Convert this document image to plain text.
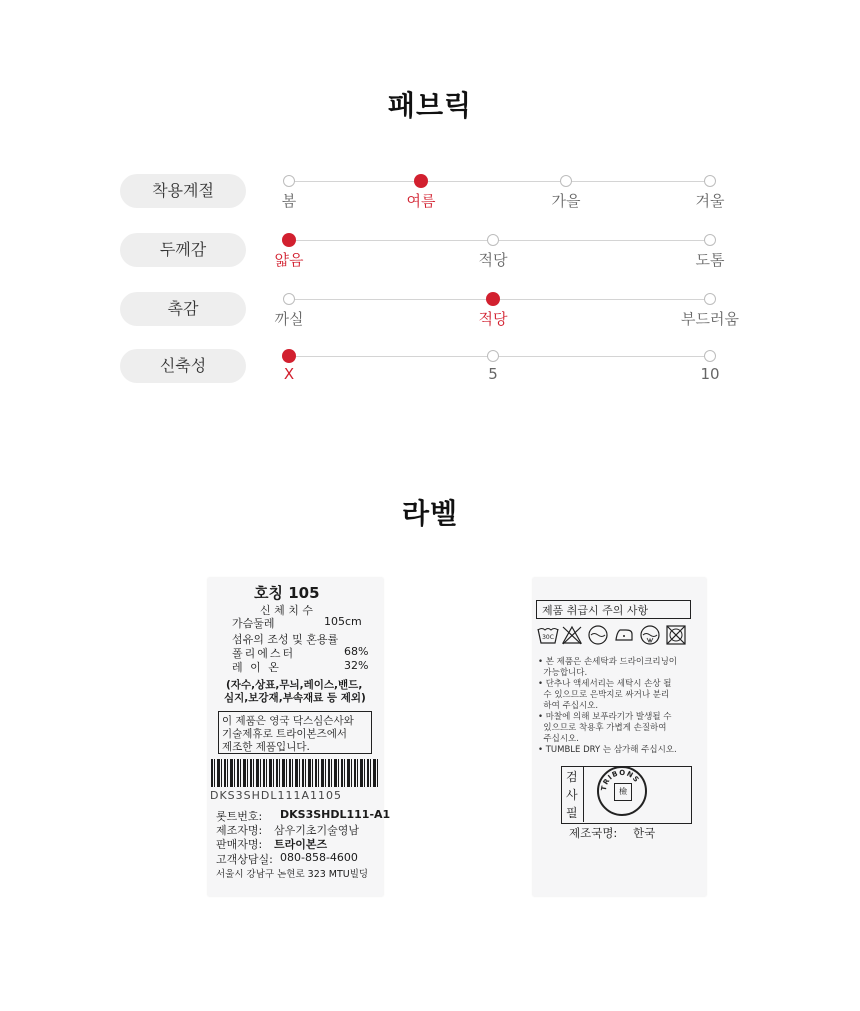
패브릭
착용계절
봄	여름	가을	겨울
두께감
얇음	적당	도톰
촉감
까실	적당	부드러움
신축성	X	5	10
라벨
호칭 105
신 체 치 수
가슴둘레	105cm
섬유의 조성 및 혼용률
폴리에스터	68%
레 이 온	32%
(자수,상표,무늬,레이스,밴드,
심지,보강재,부속재료 등 제외)
이 제품은 영국 닥스심슨사와
기술제휴로 트라이본즈에서
제조한 제품입니다.
DKS3SHDL111A1105
롯트번호: DKS3SHDL111-A1
제조자명: 삼우기초기술영남
판매자명: 트라이본즈
고객상담실: 080-858-4600
서울시 강남구 논현로 323 MTU빌딩
제품 취급시 주의 사항
30C
• 본 제품은 손세탁과 드라이크리닝이
가능합니다.
• 단추나 액세서리는 세탁시 손상 될
수 있으므로 은박지로 싸거나 분리
하여 주십시오.
• 마찰에 의해 보푸라기가 발생될 수
있으므로 착용후 가볍게 손질하여
주십시오.
• TUMBLE DRY 는 삼가해 주십시오.
검
사
필
TRIBONS
檢
제조국명: 한국
